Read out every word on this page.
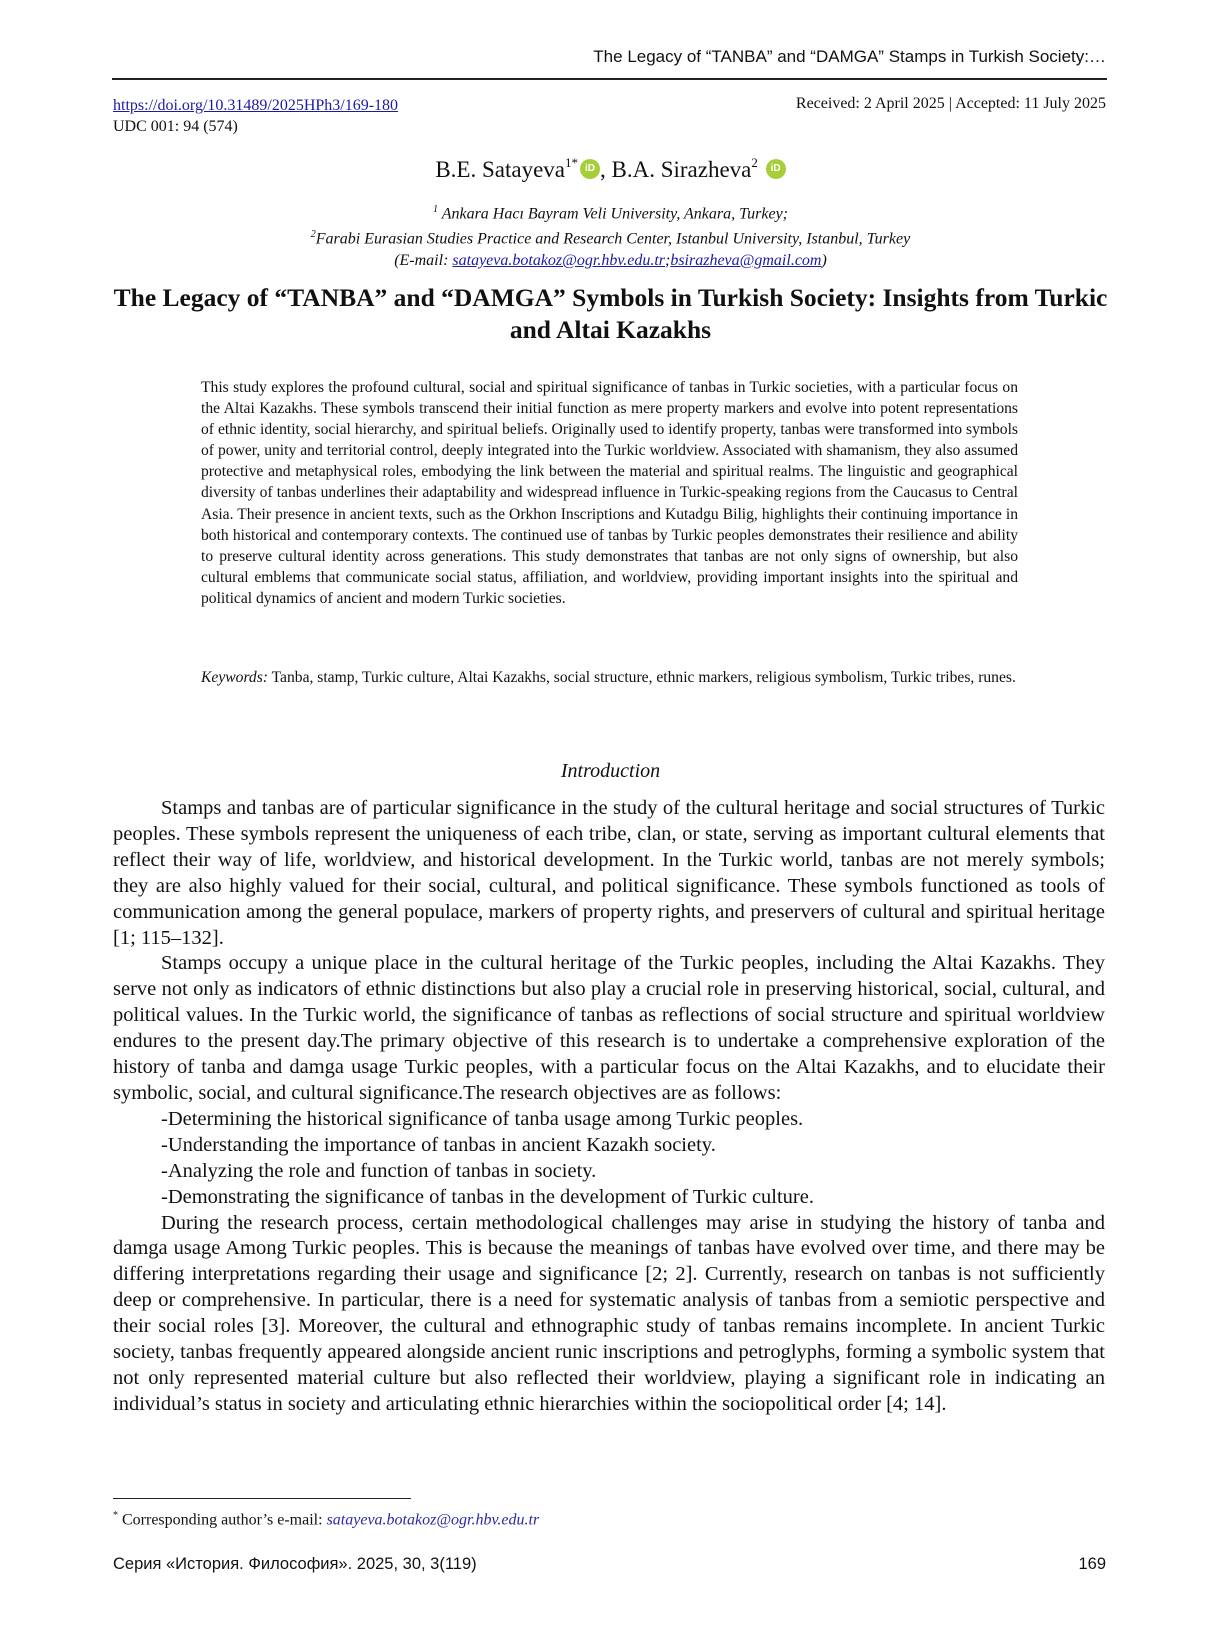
The Legacy of “TANBA” and “DAMGA” Stamps in Turkish Society:…
https://doi.org/10.31489/2025HPh3/169-180
UDC 001: 94 (574)
Received: 2 April 2025 | Accepted: 11 July 2025
B.E. Satayeva$^{1*}$ iD , B.A. Sirazheva$^2$ iD
$^1$ Ankara Hacı Bayram Veli University, Ankara, Turkey;
$^2$Farabi Eurasian Studies Practice and Research Center, Istanbul University, Istanbul, Turkey
(E-mail: satayeva.botakoz@ogr.hbv.edu.tr;bsirazheva@gmail.com)
The Legacy of “TANBA” and “DAMGA” Symbols in Turkish Society: Insights from Turkic and Altai Kazakhs
This study explores the profound cultural, social and spiritual significance of tanbas in Turkic societies, with a particular focus on the Altai Kazakhs. These symbols transcend their initial function as mere property markers and evolve into potent representations of ethnic identity, social hierarchy, and spiritual beliefs. Originally used to identify property, tanbas were transformed into symbols of power, unity and territorial control, deeply integrated into the Turkic worldview. Associated with shamanism, they also assumed protective and metaphysical roles, embodying the link between the material and spiritual realms. The linguistic and geographical diversity of tanbas underlines their adaptability and widespread influence in Turkic-speaking regions from the Caucasus to Central Asia. Their presence in ancient texts, such as the Orkhon Inscriptions and Kutadgu Bilig, highlights their continuing importance in both historical and contemporary contexts. The continued use of tanbas by Turkic peoples demonstrates their resilience and ability to preserve cultural identity across generations. This study demonstrates that tanbas are not only signs of ownership, but also cultural emblems that communicate social status, affiliation, and worldview, providing important insights into the spiritual and political dynamics of ancient and modern Turkic societies.
Keywords: Tanba, stamp, Turkic culture, Altai Kazakhs, social structure, ethnic markers, religious symbolism, Turkic tribes, runes.
Introduction

Stamps and tanbas are of particular significance in the study of the cultural heritage and social structures of Turkic peoples. These symbols represent the uniqueness of each tribe, clan, or state, serving as important cultural elements that reflect their way of life, worldview, and historical development. In the Turkic world, tanbas are not merely symbols; they are also highly valued for their social, cultural, and political significance. These symbols functioned as tools of communication among the general populace, markers of property rights, and preservers of cultural and spiritual heritage [1; 115–132].

Stamps occupy a unique place in the cultural heritage of the Turkic peoples, including the Altai Kazakhs. They serve not only as indicators of ethnic distinctions but also play a crucial role in preserving historical, social, cultural, and political values. In the Turkic world, the significance of tanbas as reflections of social structure and spiritual worldview endures to the present day.The primary objective of this research is to undertake a comprehensive exploration of the history of tanba and damga usage Turkic peoples, with a particular focus on the Altai Kazakhs, and to elucidate their symbolic, social, and cultural significance.The research objectives are as follows:

-Determining the historical significance of tanba usage among Turkic peoples.

-Understanding the importance of tanbas in ancient Kazakh society.

-Analyzing the role and function of tanbas in society.

-Demonstrating the significance of tanbas in the development of Turkic culture.

During the research process, certain methodological challenges may arise in studying the history of tanba and damga usage Among Turkic peoples. This is because the meanings of tanbas have evolved over time, and there may be differing interpretations regarding their usage and significance [2; 2]. Currently, research on tanbas is not sufficiently deep or comprehensive. In particular, there is a need for systematic analysis of tanbas from a semiotic perspective and their social roles [3]. Moreover, the cultural and ethnographic study of tanbas remains incomplete. In ancient Turkic society, tanbas frequently appeared alongside ancient runic inscriptions and petroglyphs, forming a symbolic system that not only represented material culture but also reflected their worldview, playing a significant role in indicating an individual’s status in society and articulating ethnic hierarchies within the sociopolitical order [4; 14].

* Corresponding author’s e-mail: satayeva.botakoz@ogr.hbv.edu.tr
Серия «История. Философия». 2025, 30, 3(119)	169
